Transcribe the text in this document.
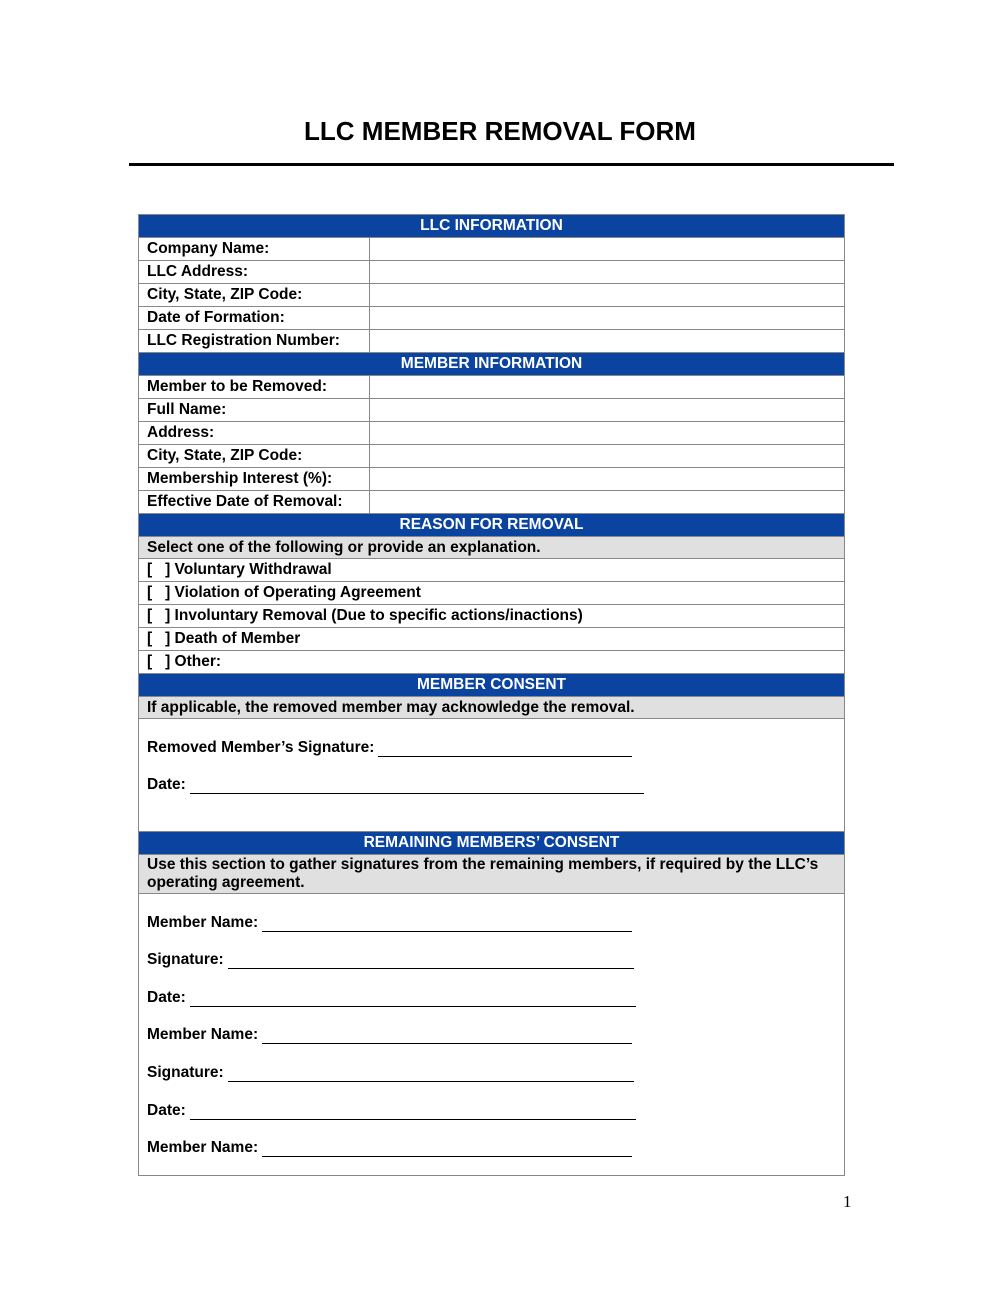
LLC MEMBER REMOVAL FORM
LLC INFORMATION
Company Name:
LLC Address:
City, State, ZIP Code:
Date of Formation:
LLC Registration Number:
MEMBER INFORMATION
Member to be Removed:
Full Name:
Address:
City, State, ZIP Code:
Membership Interest (%):
Effective Date of Removal:
REASON FOR REMOVAL
Select one of the following or provide an explanation.
[   ] Voluntary Withdrawal
[   ] Violation of Operating Agreement
[   ] Involuntary Removal (Due to specific actions/inactions)
[   ] Death of Member
[   ] Other:
MEMBER CONSENT
If applicable, the removed member may acknowledge the removal.
Removed Member’s Signature:
Date:
REMAINING MEMBERS’ CONSENT
Use this section to gather signatures from the remaining members, if required by the LLC’s operating agreement.
Member Name:
Signature:
Date:
Member Name:
Signature:
Date:
Member Name:
1
